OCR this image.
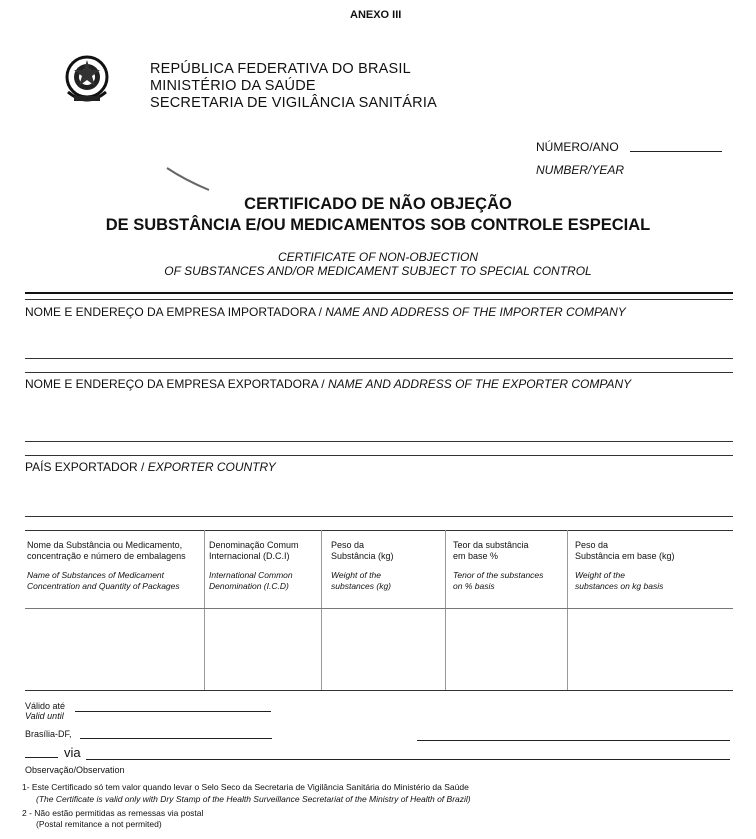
ANEXO III
REPÚBLICA FEDERATIVA DO BRASIL
MINISTÉRIO DA SAÚDE
SECRETARIA DE VIGILÂNCIA SANITÁRIA
NÚMERO/ANO
NUMBER/YEAR
CERTIFICADO DE NÃO OBJEÇÃO
DE SUBSTÂNCIA E/OU MEDICAMENTOS SOB CONTROLE ESPECIAL
CERTIFICATE OF NON-OBJECTION
OF SUBSTANCES AND/OR MEDICAMENT SUBJECT TO SPECIAL CONTROL
NOME E ENDEREÇO DA EMPRESA IMPORTADORA / NAME AND ADDRESS OF THE IMPORTER COMPANY
NOME E ENDEREÇO DA EMPRESA EXPORTADORA / NAME AND ADDRESS OF THE EXPORTER COMPANY
PAÍS EXPORTADOR / EXPORTER COUNTRY
Nome da Substância ou Medicamento,
concentração e número de embalagens
Name of Substances of Medicament
Concentration and Quantity of Packages
Denominação Comum
Internacional (D.C.I)
International Common
Denomination (I.C.D)
Peso da
Substância (kg)
Weight of the
substances (kg)
Teor da substância
em base %
Tenor of the substances
on % basis
Peso da
Substância em base (kg)
Weight of the
substances on kg basis
Válido até
Valid until
Brasília-DF,
via
Observação/Observation
1- Este Certificado só tem valor quando levar o Selo Seco da Secretaria de Vigilância Sanitária do Ministério da Saúde
(The Certificate is valid only with Dry Stamp of the Health Surveillance Secretariat of the Ministry of Health of Brazil)
2 - Não estão permitidas as remessas via postal
(Postal remitance a not permited)
